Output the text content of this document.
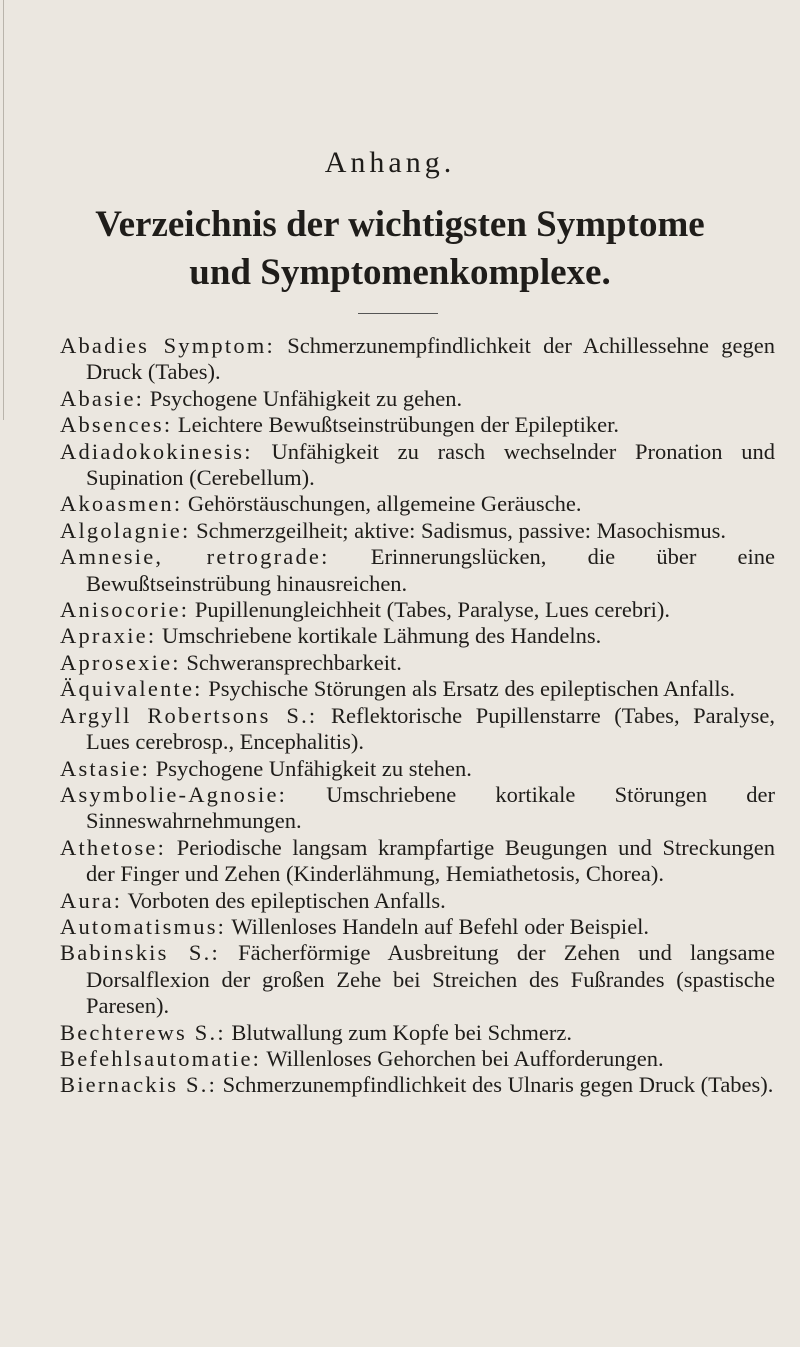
Anhang.
Verzeichnis der wichtigsten Symptome
und Symptomenkomplexe.
Abadies Symptom: Schmerzunempfindlichkeit der Achillessehne gegen Druck (Tabes).
Abasie: Psychogene Unfähigkeit zu gehen.
Absences: Leichtere Bewußtseinstrübungen der Epileptiker.
Adiadokokinesis: Unfähigkeit zu rasch wechselnder Pronation und Supination (Cerebellum).
Akoasmen: Gehörstäuschungen, allgemeine Geräusche.
Algolagnie: Schmerzgeilheit; aktive: Sadismus, passive: Masochismus.
Amnesie, retrograde: Erinnerungslücken, die über eine Bewußtseinstrübung hinausreichen.
Anisocorie: Pupillenungleichheit (Tabes, Paralyse, Lues cerebri).
Apraxie: Umschriebene kortikale Lähmung des Handelns.
Aprosexie: Schweransprechbarkeit.
Äquivalente: Psychische Störungen als Ersatz des epileptischen Anfalls.
Argyll Robertsons S.: Reflektorische Pupillenstarre (Tabes, Paralyse, Lues cerebrosp., Encephalitis).
Astasie: Psychogene Unfähigkeit zu stehen.
Asymbolie-Agnosie: Umschriebene kortikale Störungen der Sinneswahrnehmungen.
Athetose: Periodische langsam krampfartige Beugungen und Streckungen der Finger und Zehen (Kinderlähmung, Hemiathetosis, Chorea).
Aura: Vorboten des epileptischen Anfalls.
Automatismus: Willenloses Handeln auf Befehl oder Beispiel.
Babinskis S.: Fächerförmige Ausbreitung der Zehen und langsame Dorsalflexion der großen Zehe bei Streichen des Fußrandes (spastische Paresen).
Bechterews S.: Blutwallung zum Kopfe bei Schmerz.
Befehlsautomatie: Willenloses Gehorchen bei Aufforderungen.
Biernackis S.: Schmerzunempfindlichkeit des Ulnaris gegen Druck (Tabes).
